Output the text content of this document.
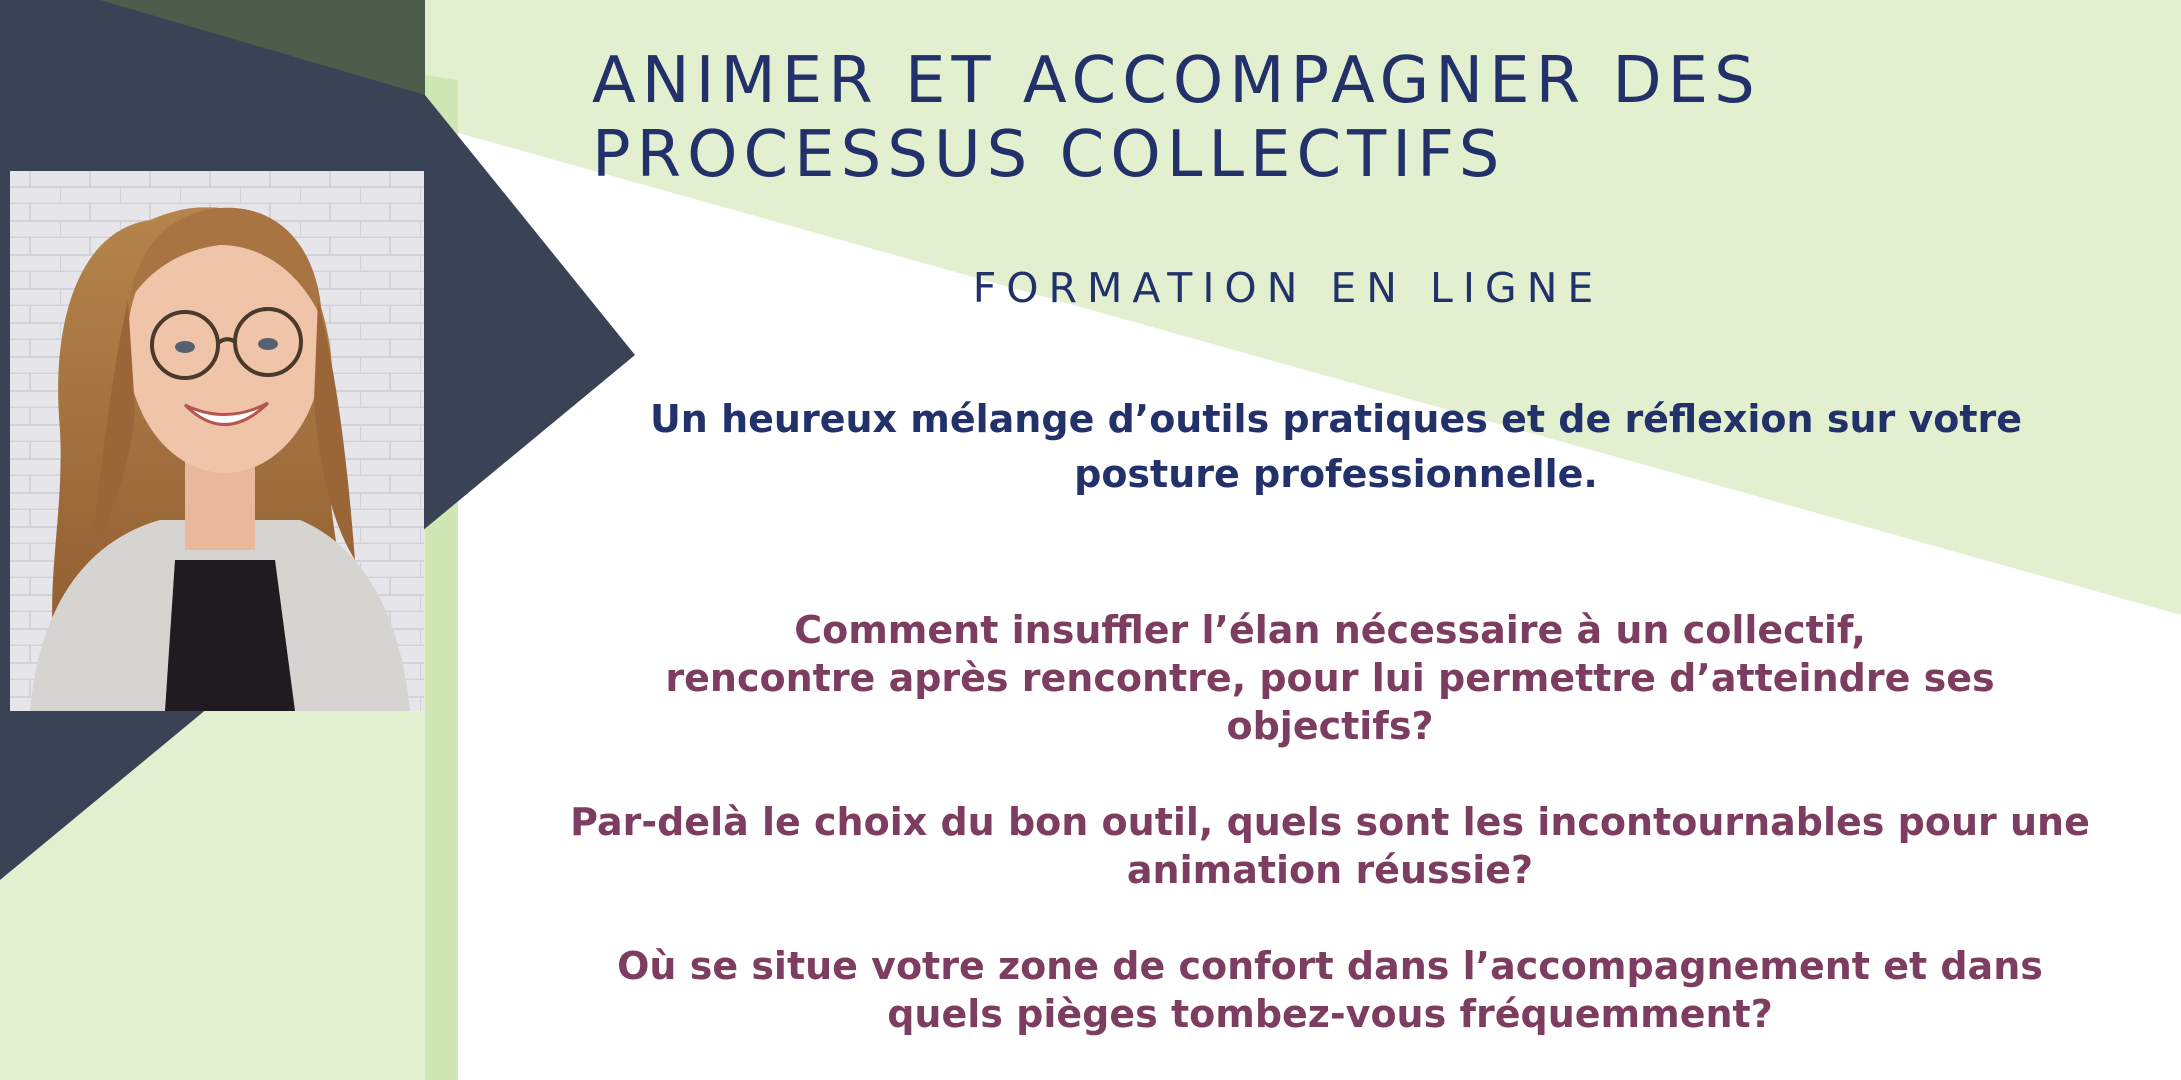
ANIMER ET ACCOMPAGNER DES
PROCESSUS COLLECTIFS
FORMATION EN LIGNE
Un heureux mélange d’outils pratiques et de réflexion sur votre
posture professionnelle.
Comment insuffler l’élan nécessaire à un collectif,
rencontre après rencontre, pour lui permettre d’atteindre ses
objectifs?
Par-delà le choix du bon outil, quels sont les incontournables pour une
animation réussie?
Où se situe votre zone de confort dans l’accompagnement et dans
quels pièges tombez-vous fréquemment?
